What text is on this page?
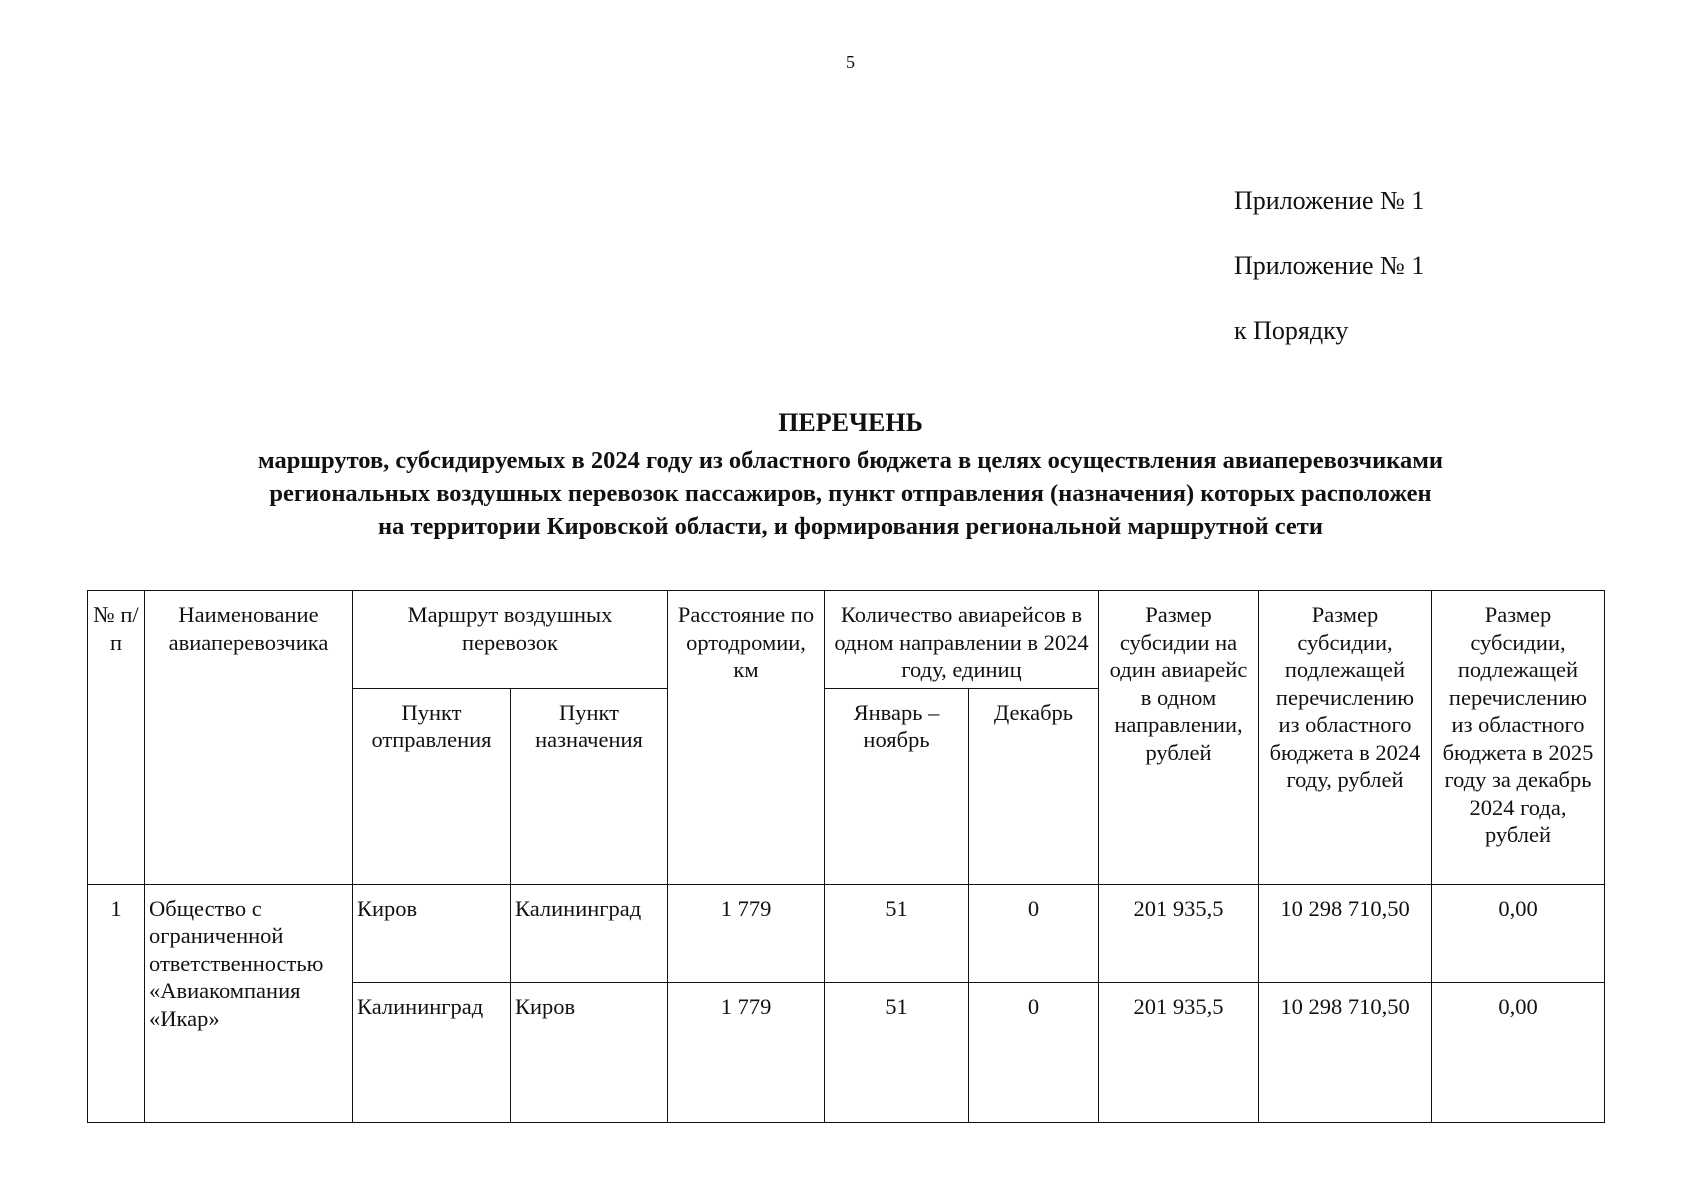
5
Приложение № 1
Приложение № 1
к Порядку
ПЕРЕЧЕНЬ
маршрутов, субсидируемых в 2024 году из областного бюджета в целях осуществления авиаперевозчиками
региональных воздушных перевозок пассажиров, пункт отправления (назначения) которых расположен
на территории Кировской области, и формирования региональной маршрутной сети
№ п/п	Наименование авиаперевозчика	Маршрут воздушных перевозок		Расстояние по ортодромии, км	Количество авиарейсов в одном направлении в 2024 году, единиц		Размер субсидии на один авиарейс в одном направлении, рублей	Размер субсидии, подлежащей перечислению из областного бюджета в 2024 году, рублей	Размер субсидии, подлежащей перечислению из областного бюджета в 2025 году за декабрь 2024 года, рублей
		Пункт отправления	Пункт назначения		Январь – ноябрь	Декабрь			
1	Общество с ограниченной ответственностью «Авиакомпания «Икар»	Киров	Калининград	1 779	51	0	201 935,5	10 298 710,50	0,00
		Калининград	Киров	1 779	51	0	201 935,5	10 298 710,50	0,00
